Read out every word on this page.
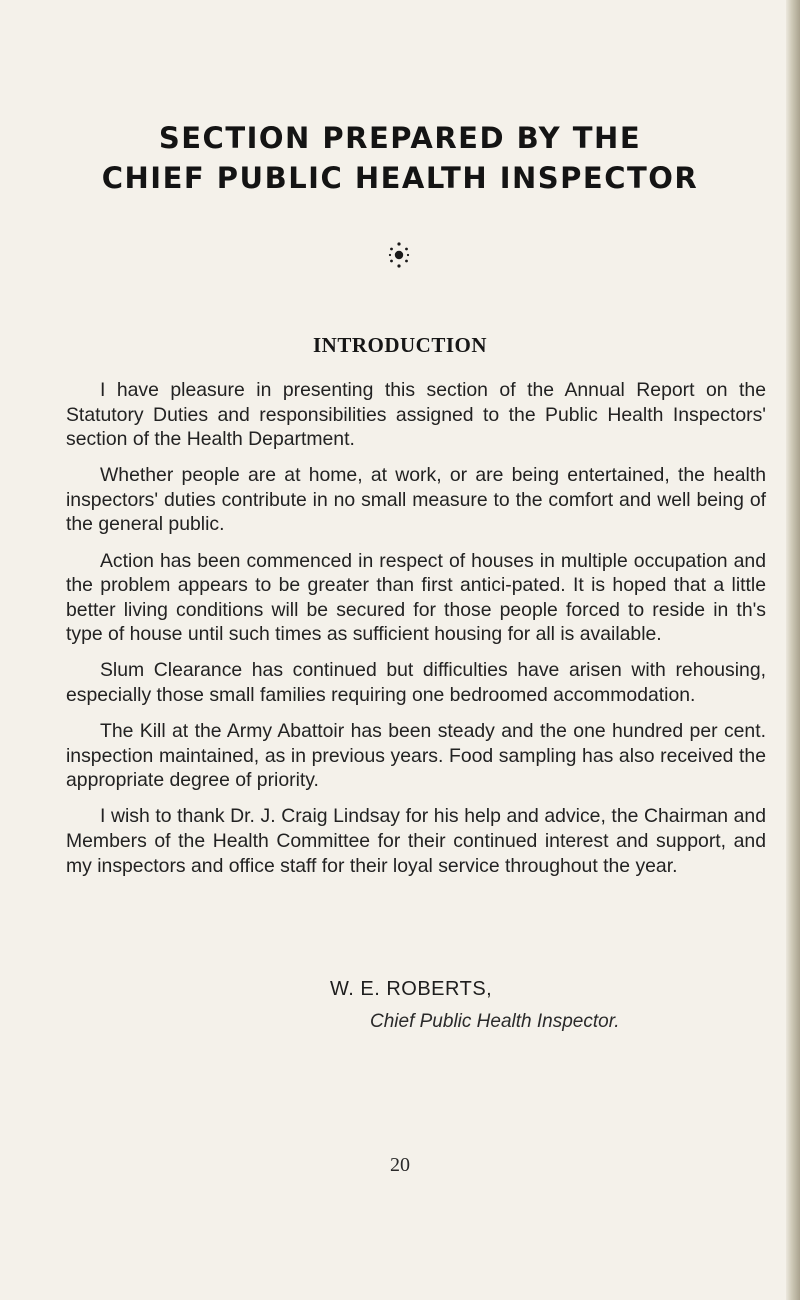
SECTION PREPARED BY THE
CHIEF PUBLIC HEALTH INSPECTOR
INTRODUCTION

I have pleasure in presenting this section of the Annual Report on the Statutory Duties and responsibilities assigned to the Public Health Inspectors' section of the Health Department.

Whether people are at home, at work, or are being entertained, the health inspectors' duties contribute in no small measure to the comfort and well being of the general public.

Action has been commenced in respect of houses in multiple occupation and the problem appears to be greater than first antici-pated. It is hoped that a little better living conditions will be secured for those people forced to reside in th's type of house until such times as sufficient housing for all is available.

Slum Clearance has continued but difficulties have arisen with rehousing, especially those small families requiring one bedroomed accommodation.

The Kill at the Army Abattoir has been steady and the one hundred per cent. inspection maintained, as in previous years. Food sampling has also received the appropriate degree of priority.

I wish to thank Dr. J. Craig Lindsay for his help and advice, the Chairman and Members of the Health Committee for their continued interest and support, and my inspectors and office staff for their loyal service throughout the year.

W. E. ROBERTS,
Chief Public Health Inspector.
20
